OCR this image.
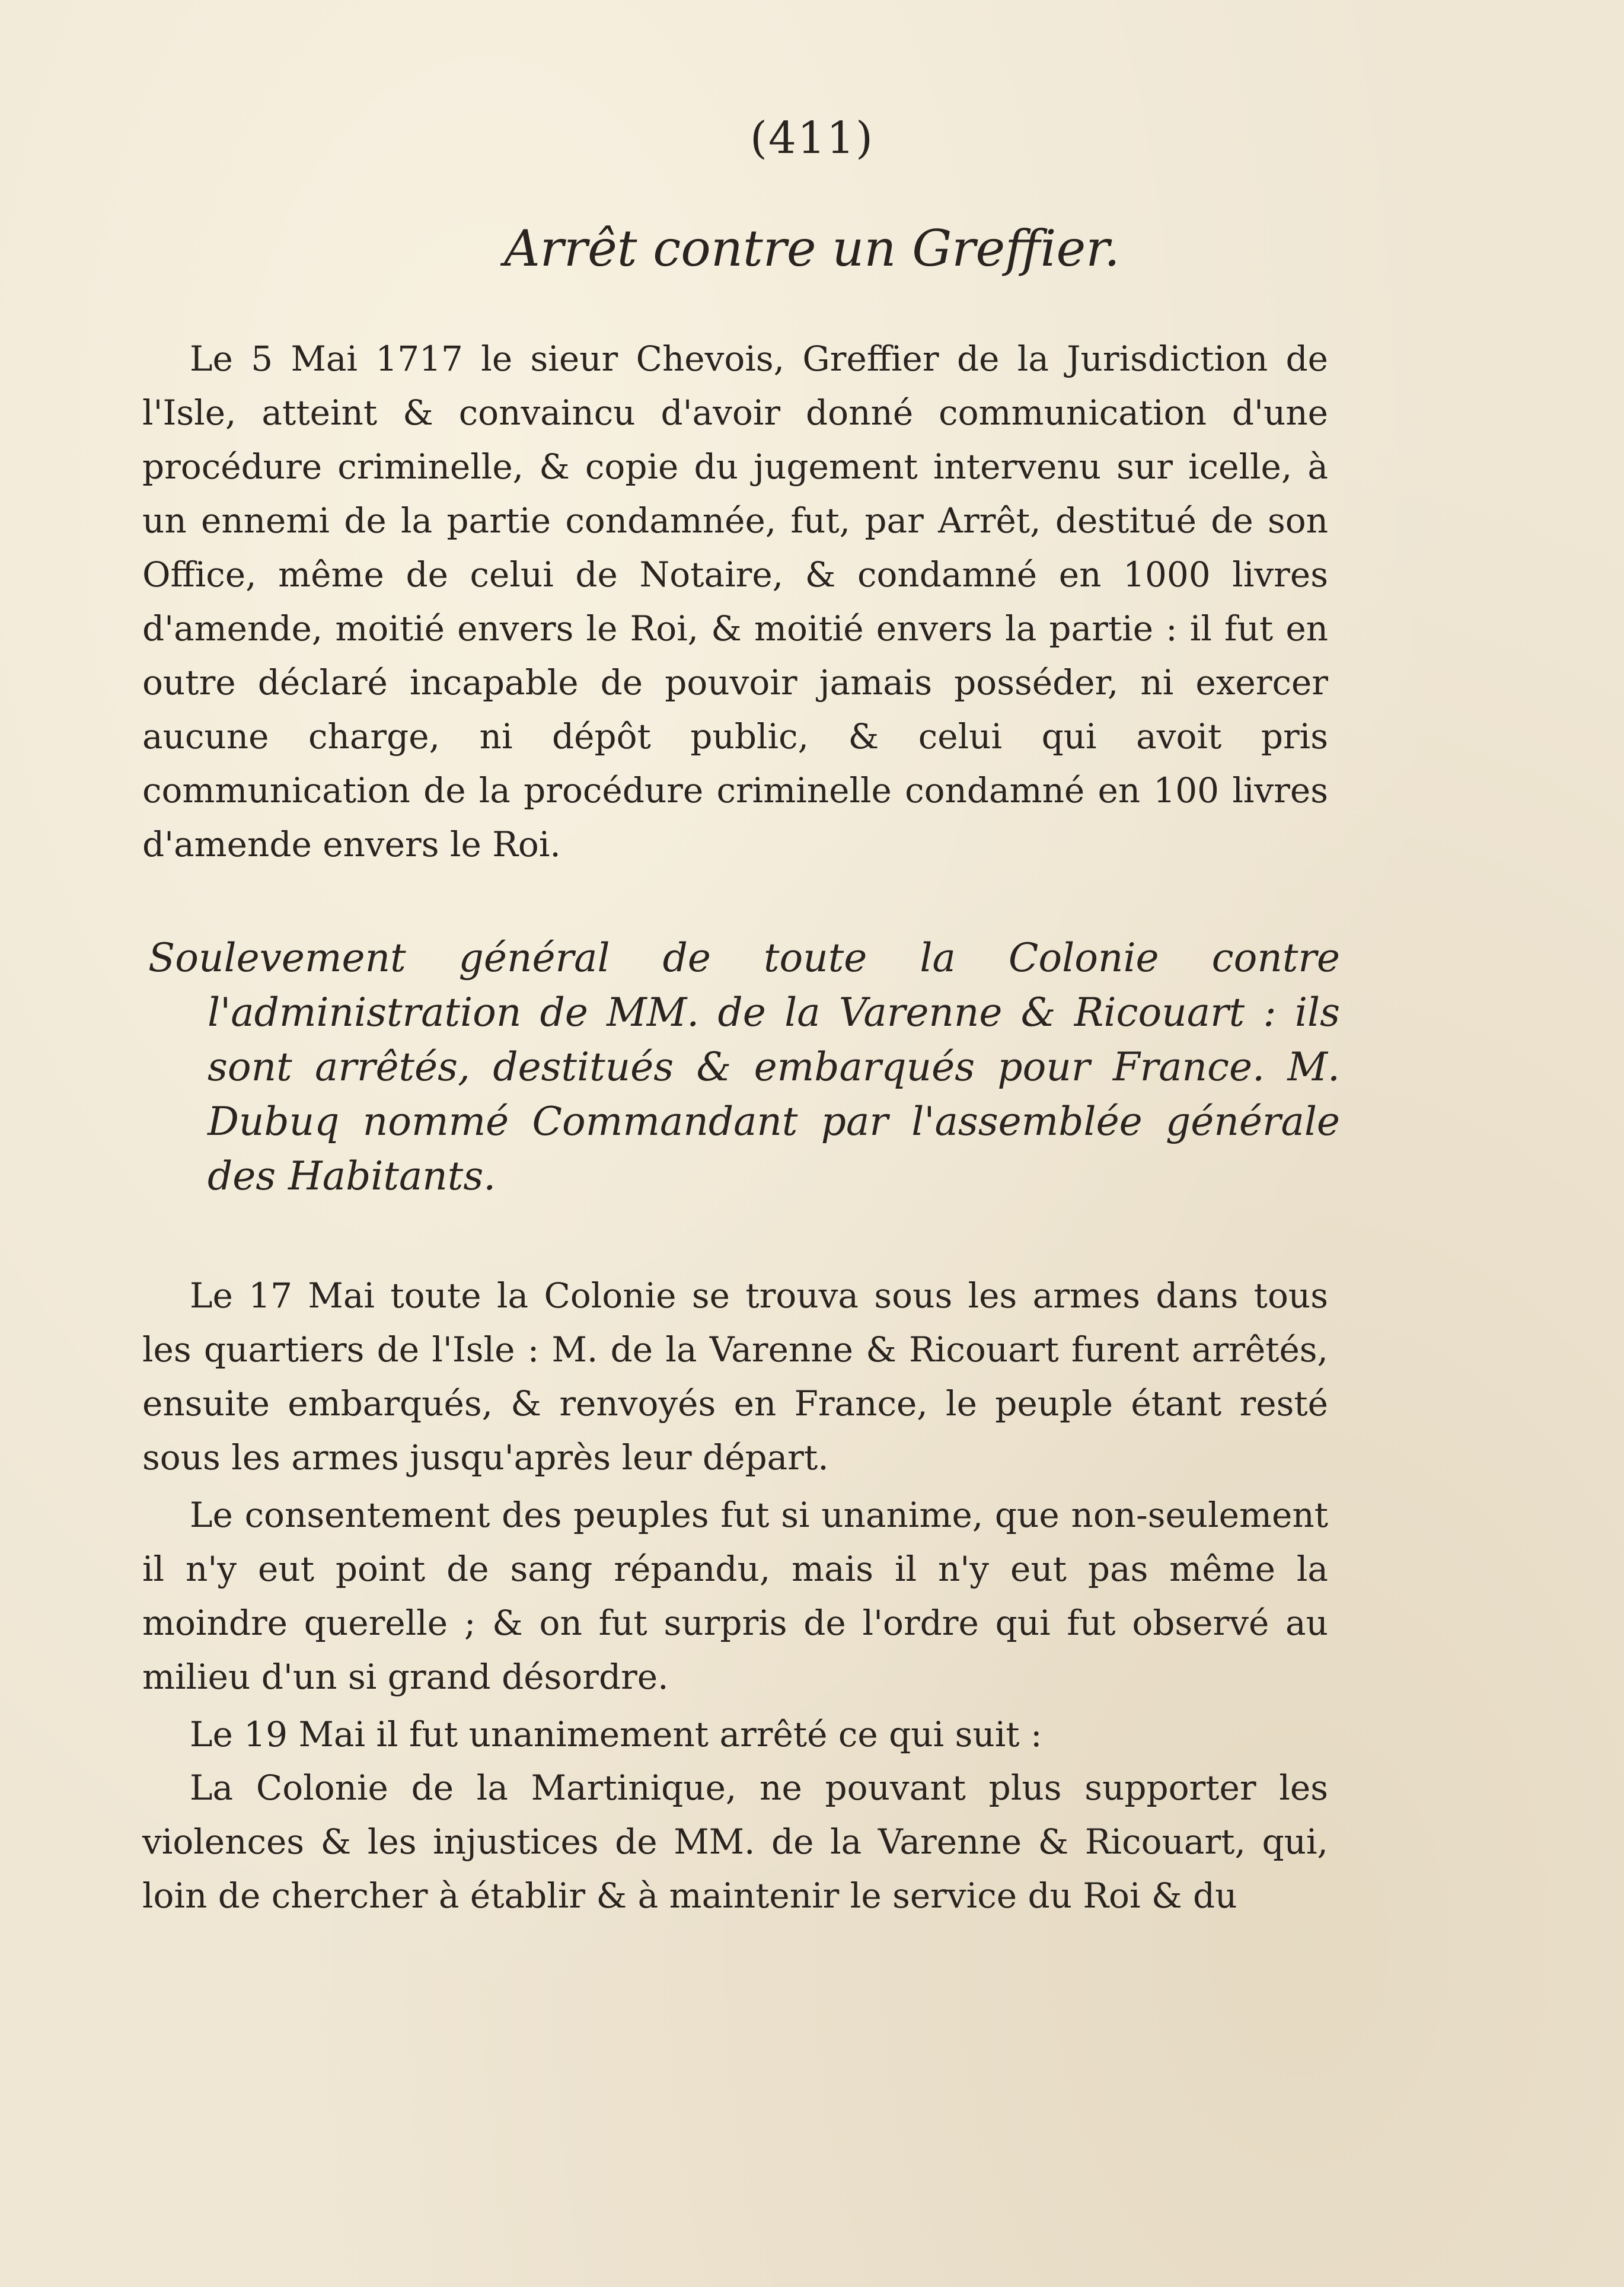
(411)
Arrêt contre un Greffier.

Le 5 Mai 1717 le sieur Chevois, Greffier de la Jurisdiction de l'Isle, atteint & convaincu d'avoir donné communication d'une procédure criminelle, & copie du jugement intervenu sur icelle, à un ennemi de la partie condamnée, fut, par Arrêt, destitué de son Office, même de celui de Notaire, & condamné en 1000 livres d'amende, moitié envers le Roi, & moitié envers la partie : il fut en outre déclaré incapable de pouvoir jamais posséder, ni exercer aucune charge, ni dépôt public, & celui qui avoit pris communication de la procédure criminelle condamné en 100 livres d'amende envers le Roi.

Soulevement général de toute la Colonie contre l'administration de MM. de la Varenne & Ricouart : ils sont arrêtés, destitués & embarqués pour France. M. Dubuq nommé Commandant par l'assemblée générale des Habitants.

Le 17 Mai toute la Colonie se trouva sous les armes dans tous les quartiers de l'Isle : M. de la Varenne & Ricouart furent arrêtés, ensuite embarqués, & renvoyés en France, le peuple étant resté sous les armes jusqu'après leur départ.

Le consentement des peuples fut si unanime, que non-seulement il n'y eut point de sang répandu, mais il n'y eut pas même la moindre querelle ; & on fut surpris de l'ordre qui fut observé au milieu d'un si grand désordre.

Le 19 Mai il fut unanimement arrêté ce qui suit :

La Colonie de la Martinique, ne pouvant plus supporter les violences & les injustices de MM. de la Varenne & Ricouart, qui, loin de chercher à établir & à maintenir le service du Roi & du
